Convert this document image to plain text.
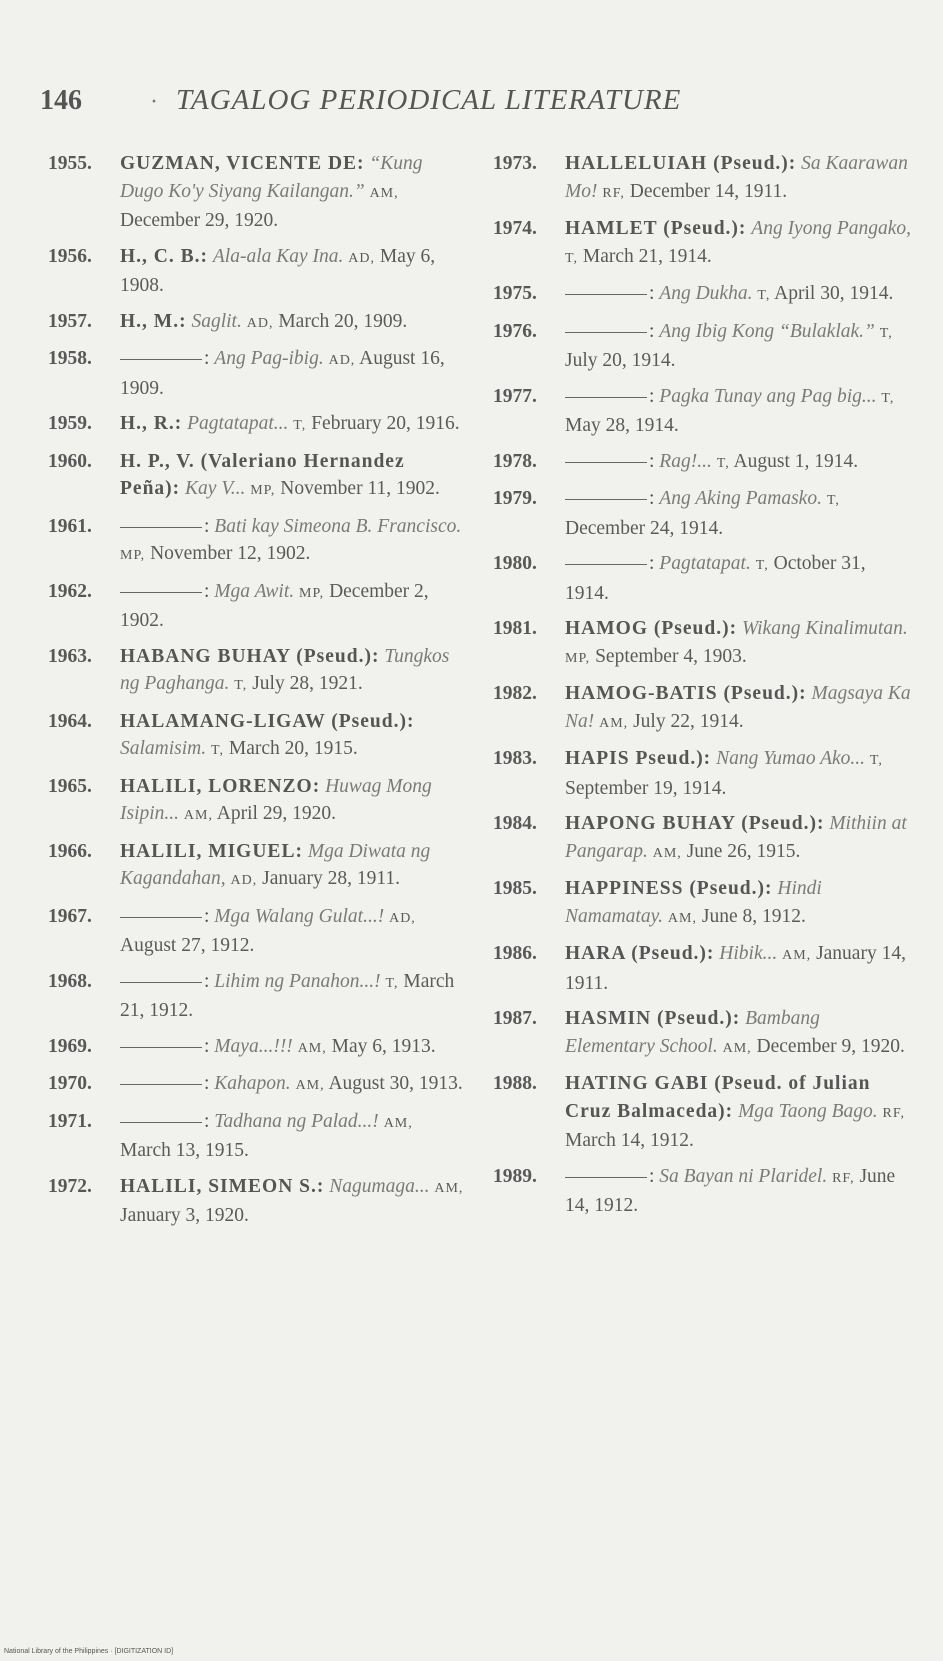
146	· TAGALOG PERIODICAL LITERATURE
1955. GUZMAN, VICENTE DE: “Kung Dugo Ko'y Siyang Kailangan.” AM, December 29, 1920.
1956. H., C. B.: Ala-ala Kay Ina. AD, May 6, 1908.
1957. H., M.: Saglit. AD, March 20, 1909.
1958.	: Ang Pag-ibig. AD, August 16, 1909.
1959. H., R.: Pagtatapat... T, February 20, 1916.
1960. H. P., V. (Valeriano Hernandez Peña): Kay V... MP, November 11, 1902.
1961.	: Bati kay Simeona B. Francisco. MP, November 12, 1902.
1962.	: Mga Awit. MP, December 2, 1902.
1963. HABANG BUHAY (Pseud.): Tungkos ng Paghanga. T, July 28, 1921.
1964. HALAMANG-LIGAW (Pseud.): Salamisim. T, March 20, 1915.
1965. HALILI, LORENZO: Huwag Mong Isipin... AM, April 29, 1920.
1966. HALILI, MIGUEL: Mga Diwata ng Kagandahan, AD, January 28, 1911.
1967.	: Mga Walang Gulat...! AD, August 27, 1912.
1968.	: Lihim ng Panahon...! T, March 21, 1912.
1969.	: Maya...!!! AM, May 6, 1913.
1970.	: Kahapon. AM, August 30, 1913.
1971.	: Tadhana ng Palad...! AM, March 13, 1915.
1972. HALILI, SIMEON S.: Nagumaga... AM, January 3, 1920.
1973. HALLELUIAH (Pseud.): Sa Kaarawan Mo! RF, December 14, 1911.
1974. HAMLET (Pseud.): Ang Iyong Pangako, T, March 21, 1914.
1975.	: Ang Dukha. T, April 30, 1914.
1976.	: Ang Ibig Kong “Bulaklak.” T, July 20, 1914.
1977.	: Pagka Tunay ang Pag big... T, May 28, 1914.
1978.	: Rag!... T, August 1, 1914.
1979.	: Ang Aking Pamasko. T, December 24, 1914.
1980.	: Pagtatapat. T, October 31, 1914.
1981. HAMOG (Pseud.): Wikang Kinalimutan. MP, September 4, 1903.
1982. HAMOG-BATIS (Pseud.): Magsaya Ka Na! AM, July 22, 1914.
1983. HAPIS Pseud.): Nang Yumao Ako... T, September 19, 1914.
1984. HAPONG BUHAY (Pseud.): Mithiin at Pangarap. AM, June 26, 1915.
1985. HAPPINESS (Pseud.): Hindi Namamatay. AM, June 8, 1912.
1986. HARA (Pseud.): Hibik... AM, January 14, 1911.
1987. HASMIN (Pseud.): Bambang Elementary School. AM, December 9, 1920.
1988. HATING GABI (Pseud. of Julian Cruz Balmaceda): Mga Taong Bago. RF, March 14, 1912.
1989.	: Sa Bayan ni Plaridel. RF, June 14, 1912.
National Library of the Philippines · [DIGITIZATION ID]
